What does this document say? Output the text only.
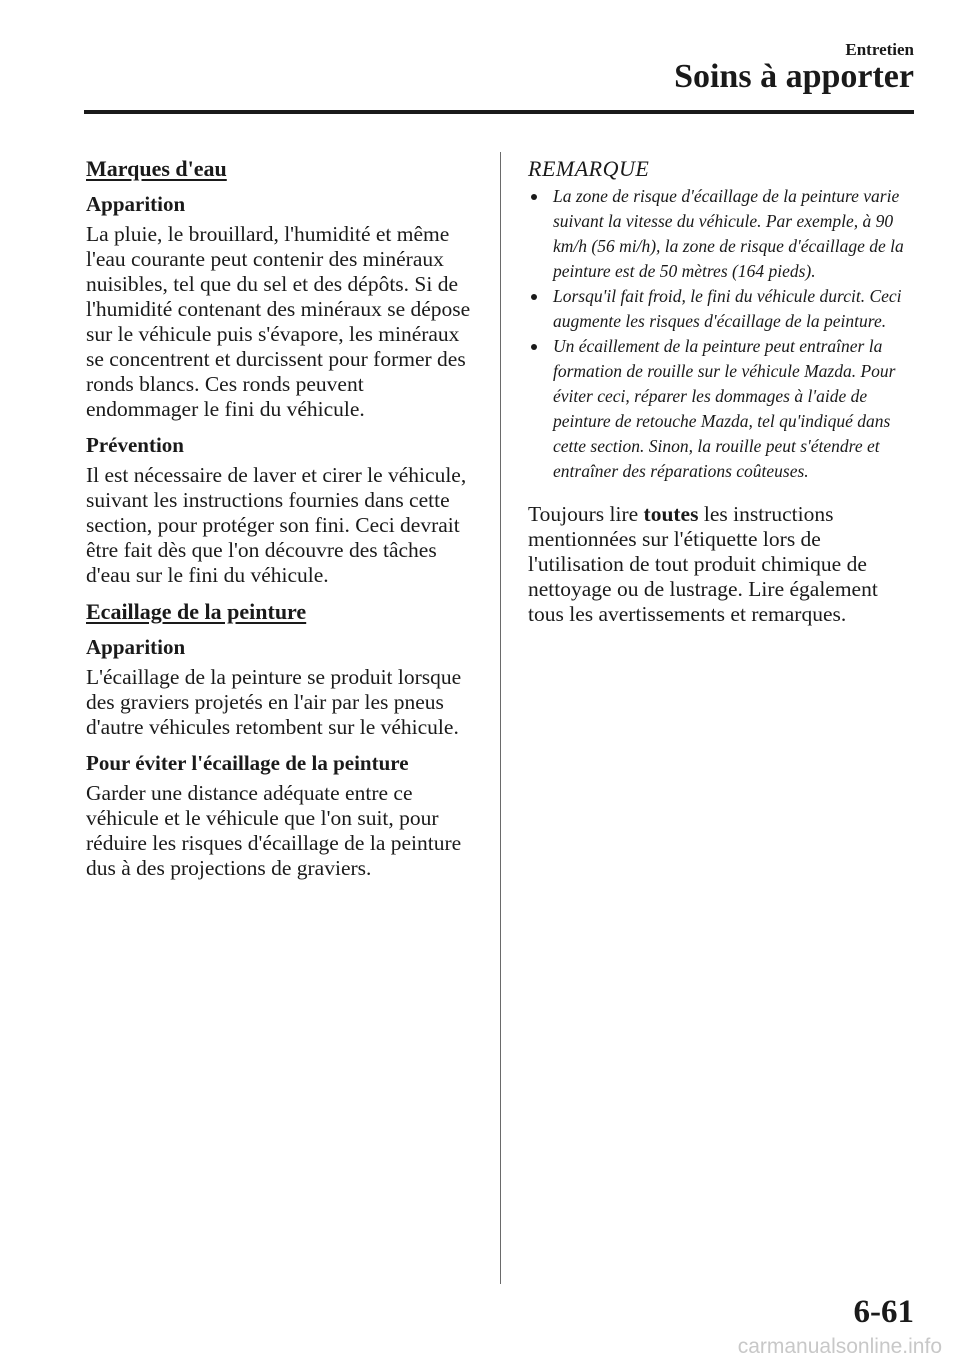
Entretien
Soins à apporter
Marques d'eau
Apparition

La pluie, le brouillard, l'humidité et même l'eau courante peut contenir des minéraux nuisibles, tel que du sel et des dépôts. Si de l'humidité contenant des minéraux se dépose sur le véhicule puis s'évapore, les minéraux se concentrent et durcissent pour former des ronds blancs. Ces ronds peuvent endommager le fini du véhicule.

Prévention

Il est nécessaire de laver et cirer le véhicule, suivant les instructions fournies dans cette section, pour protéger son fini. Ceci devrait être fait dès que l'on découvre des tâches d'eau sur le fini du véhicule.

Ecaillage de la peinture
Apparition

L'écaillage de la peinture se produit lorsque des graviers projetés en l'air par les pneus d'autre véhicules retombent sur le véhicule.

Pour éviter l'écaillage de la peinture

Garder une distance adéquate entre ce véhicule et le véhicule que l'on suit, pour réduire les risques d'écaillage de la peinture dus à des projections de graviers.

REMARQUE
La zone de risque d'écaillage de la peinture varie suivant la vitesse du véhicule. Par exemple, à 90 km/h (56 mi/h), la zone de risque d'écaillage de la peinture est de 50 mètres (164 pieds).
Lorsqu'il fait froid, le fini du véhicule durcit. Ceci augmente les risques d'écaillage de la peinture.
Un écaillement de la peinture peut entraîner la formation de rouille sur le véhicule Mazda. Pour éviter ceci, réparer les dommages à l'aide de peinture de retouche Mazda, tel qu'indiqué dans cette section. Sinon, la rouille peut s'étendre et entraîner des réparations coûteuses.

Toujours lire toutes les instructions mentionnées sur l'étiquette lors de l'utilisation de tout produit chimique de nettoyage ou de lustrage. Lire également tous les avertissements et remarques.

6-61
carmanualsonline.info
